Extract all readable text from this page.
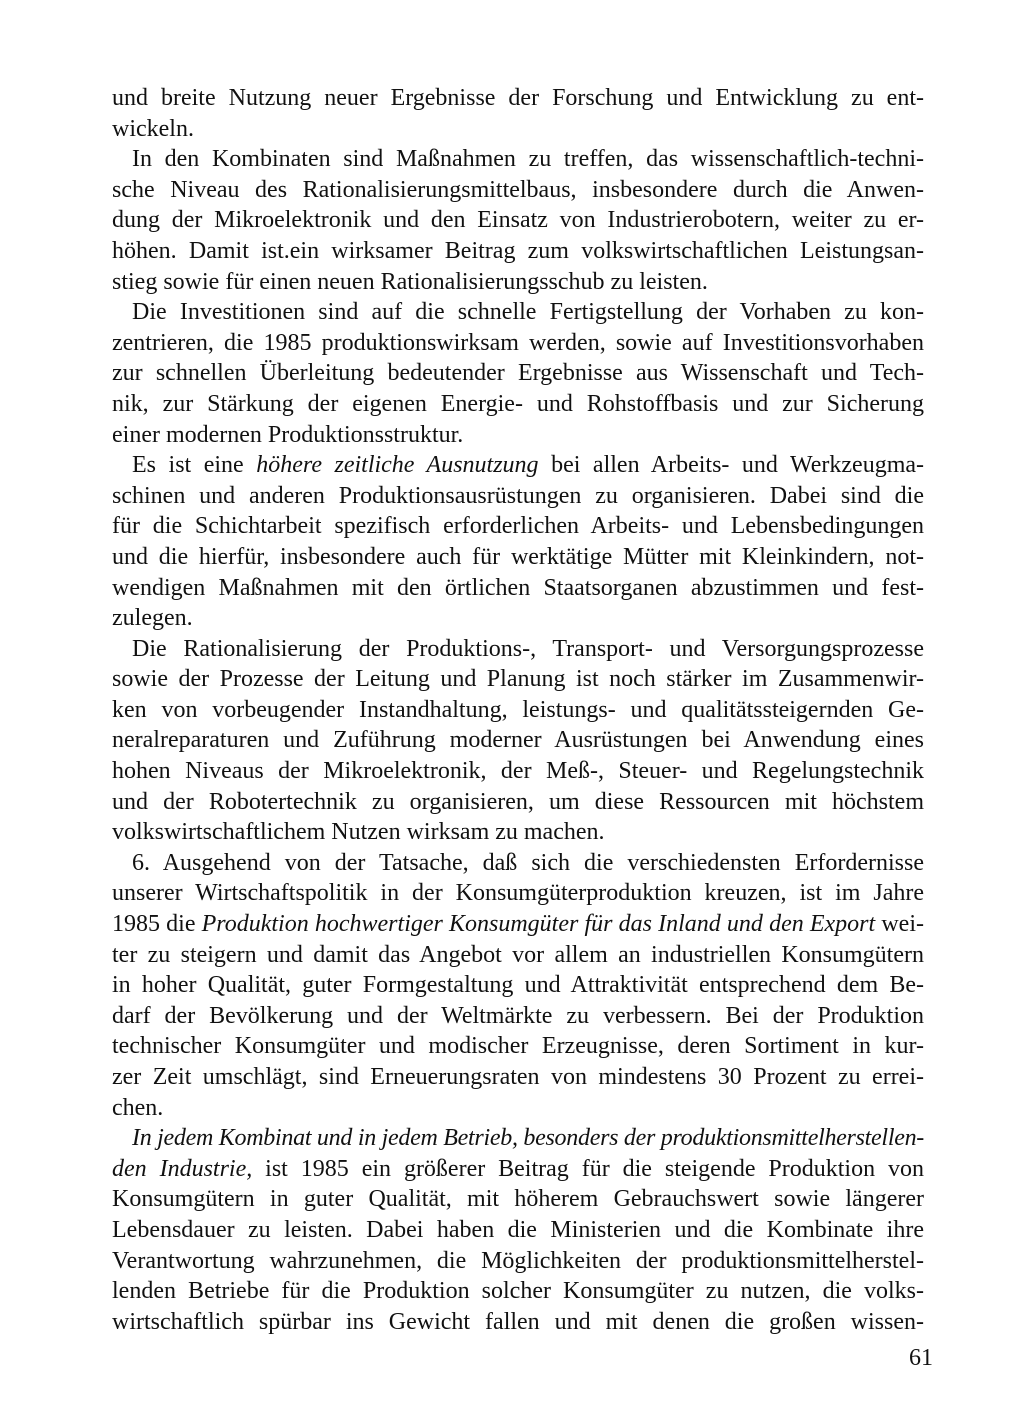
und breite Nutzung neuer Ergebnisse der Forschung und Entwicklung zu ent-
wickeln.
In den Kombinaten sind Maßnahmen zu treffen, das wissenschaftlich-techni-
sche Niveau des Rationalisierungsmittelbaus, insbesondere durch die Anwen-
dung der Mikroelektronik und den Einsatz von Industrierobotern, weiter zu er-
höhen. Damit ist.ein wirksamer Beitrag zum volkswirtschaftlichen Leistungsan-
stieg sowie für einen neuen Rationalisierungsschub zu leisten.
Die Investitionen sind auf die schnelle Fertigstellung der Vorhaben zu kon-
zentrieren, die 1985 produktionswirksam werden, sowie auf Investitionsvorhaben
zur schnellen Überleitung bedeutender Ergebnisse aus Wissenschaft und Tech-
nik, zur Stärkung der eigenen Energie- und Rohstoffbasis und zur Sicherung
einer modernen Produktionsstruktur.
Es ist eine höhere zeitliche Ausnutzung bei allen Arbeits- und Werkzeugma-
schinen und anderen Produktionsausrüstungen zu organisieren. Dabei sind die
für die Schichtarbeit spezifisch erforderlichen Arbeits- und Lebensbedingungen
und die hierfür, insbesondere auch für werktätige Mütter mit Kleinkindern, not-
wendigen Maßnahmen mit den örtlichen Staatsorganen abzustimmen und fest-
zulegen.
Die Rationalisierung der Produktions-, Transport- und Versorgungsprozesse
sowie der Prozesse der Leitung und Planung ist noch stärker im Zusammenwir-
ken von vorbeugender Instandhaltung, leistungs- und qualitätssteigernden Ge-
neralreparaturen und Zuführung moderner Ausrüstungen bei Anwendung eines
hohen Niveaus der Mikroelektronik, der Meß-, Steuer- und Regelungstechnik
und der Robotertechnik zu organisieren, um diese Ressourcen mit höchstem
volkswirtschaftlichem Nutzen wirksam zu machen.
6. Ausgehend von der Tatsache, daß sich die verschiedensten Erfordernisse
unserer Wirtschaftspolitik in der Konsumgüterproduktion kreuzen, ist im Jahre
1985 die Produktion hochwertiger Konsumgüter für das Inland und den Export wei-
ter zu steigern und damit das Angebot vor allem an industriellen Konsumgütern
in hoher Qualität, guter Formgestaltung und Attraktivität entsprechend dem Be-
darf der Bevölkerung und der Weltmärkte zu verbessern. Bei der Produktion
technischer Konsumgüter und modischer Erzeugnisse, deren Sortiment in kur-
zer Zeit umschlägt, sind Erneuerungsraten von mindestens 30 Prozent zu errei-
chen.
In jedem Kombinat und in jedem Betrieb, besonders der produktionsmittelherstellen-
den Industrie, ist 1985 ein größerer Beitrag für die steigende Produktion von
Konsumgütern in guter Qualität, mit höherem Gebrauchswert sowie längerer
Lebensdauer zu leisten. Dabei haben die Ministerien und die Kombinate ihre
Verantwortung wahrzunehmen, die Möglichkeiten der produktionsmittelherstel-
lenden Betriebe für die Produktion solcher Konsumgüter zu nutzen, die volks-
wirtschaftlich spürbar ins Gewicht fallen und mit denen die großen wissen-
61
